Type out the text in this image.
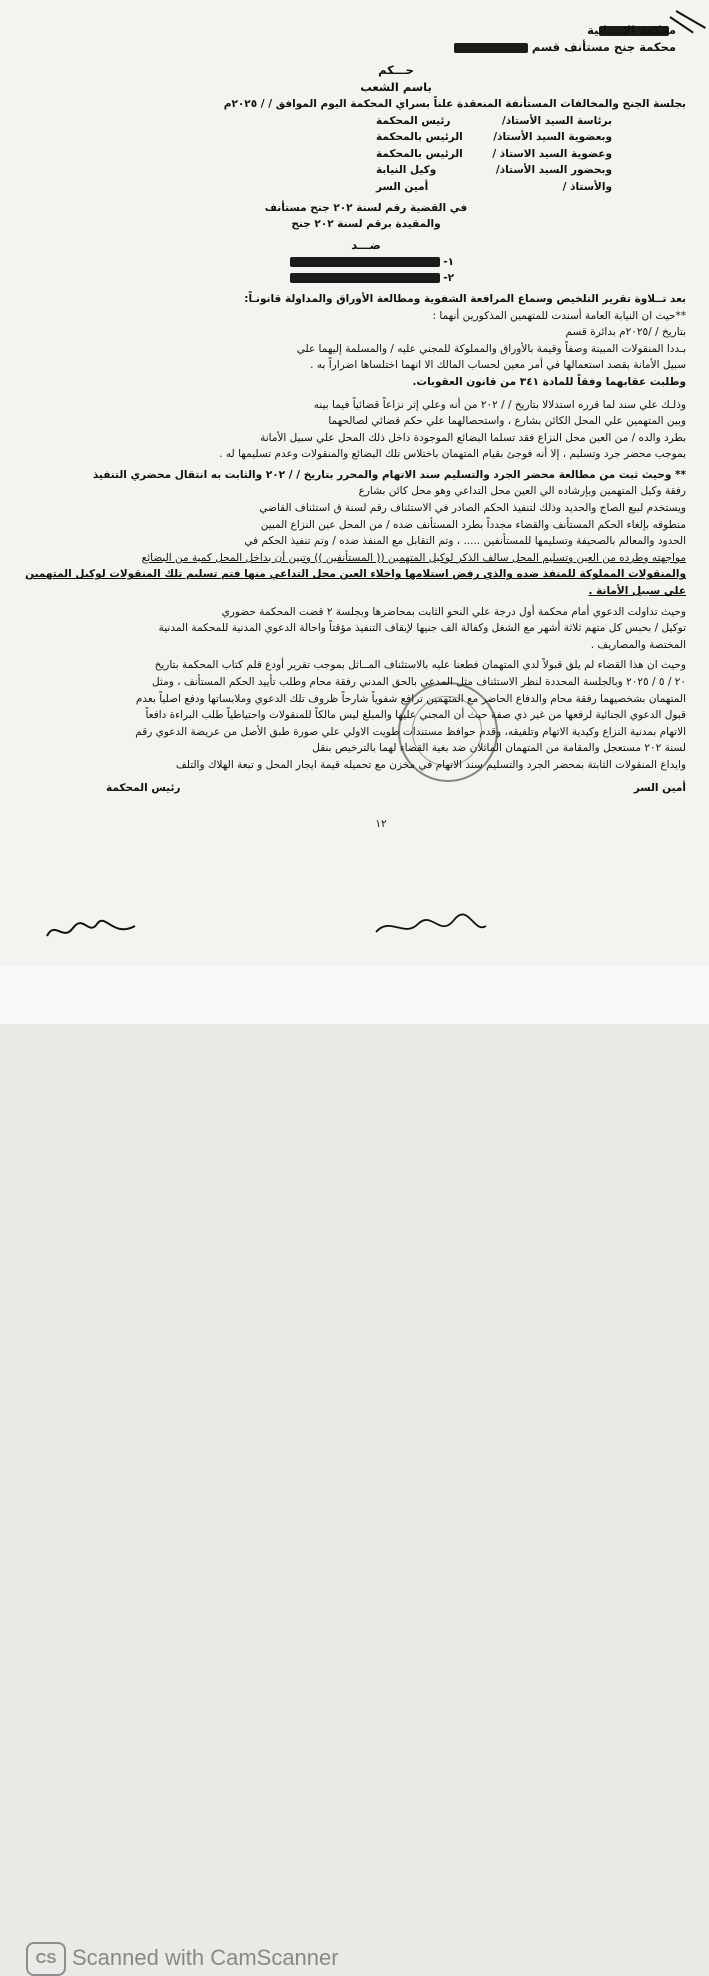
محكمة الابتدائية
محكمة جنح مستأنف قسم
حـــكم
باسم الشعب
بجلسة الجنح والمخالفات المستأنفة المنعقدة علناً بسراي المحكمة اليوم الموافق / / ٢٠٢٥م
برئاسة السيد الأستاذ/
رئيس المحكمة
وبعضوية السيد الأستاذ/
الرئيس بالمحكمة
وعضوية السيد الاستاذ /
الرئيس بالمحكمة
وبحضور السيد الأستاذ/
وكيل النيابة
والأستاذ /
أمين السر
في القضية رقم لسنة ٢٠٢ جنح مستأنف
والمقيدة برقم لسنة ٢٠٢ جنح
ضـــد
١-
٢-
بعد تــلاوة تقرير التلخيص وسماع المرافعة الشفوية ومطالعة الأوراق والمداولة قانونـاً:
**حيث ان النيابة العامة أسندت للمتهمين المذكورين أنهما :
بتاريخ / /٢٠٢٥م بدائرة قسم
بـددا المنقولات المبينة وصفاً وقيمة بالأوراق والمملوكة للمجني عليه / والمسلمة إليهما علي
سبيل الأمانة بقصد استعمالها في أمر معين لحساب المالك الا انهما اختلساها اضراراً به .
وطلبت عقابهما وفقاً للمادة ٣٤١ من قانون العقوبات.
وذلـك علي سند لما قرره استدلالا بتاريخ / / ٢٠٢ من أنه وعلي إثر نزاعاً قضائياً فيما بينه
وبين المتهمين علي المحل الكائن بشارع ، واستحصالهما علي حكم قضائي لصالحهما
بطرد والده / من العين محل النزاع فقد تسلما البضائع الموجودة داخل ذلك المحل علي سبيل الأمانة
بموجب محضر جرد وتسليم ، إلا أنه فوجئ بقيام المتهمان باختلاس تلك البضائع والمنقولات وعدم تسليمها له .
** وحيث ثبت من مطالعة محضر الجرد والتسليم سند الاتهام والمحرر بتاريخ / / ٢٠٢ والثابت به انتقال محضري التنفيذ
رفقة وكيل المتهمين وبإرشاده الي العين محل التداعي وهو محل كائن بشارع
ويستخدم لبيع الصاج والحديد وذلك لتنفيذ الحكم الصادر في الاستئناف رقم لسنة ق استئناف القاضي
منطوقه بإلغاء الحكم المستأنف والقضاء مجدداً بطرد المستأنف ضده / من المحل عين النزاع المبين
الحدود والمعالم بالصحيفة وتسليمها للمستأنفين ..... ، وتم التقابل مع المنفذ ضده / وتم تنفيذ الحكم في
مواجهته وطرده من العين وتسليم المحل سالف الذكر لوكيل المتهمين (( المستأنفين )) وتبين أن بداخل المحل كمية من البضائع
والمنقولات المملوكة للمنفذ ضده والذي رفض استلامها واخلاء العين محل التداعي منها فتم تسليم تلك المنقولات لوكيل المتهمين
علي سبيل الأمانة .
وحيث تداولت الدعوي أمام محكمة أول درجة علي النحو الثابت بمحاضرها وبجلسة ٢ قضت المحكمة حضوري
توكيل / بحبس كل متهم ثلاثة أشهر مع الشغل وكفالة الف جنيها لإيقاف التنفيذ مؤقتاً واحالة الدعوي المدنية للمحكمة المدنية
المختصة والمصاريف .
وحيث ان هذا القضاء لم يلق قبولاً لدي المتهمان فطعنا عليه بالاستئناف المــاثل بموجب تقرير أودع قلم كتاب المحكمة بتاريخ
٢٠ / ٥ / ٢٠٢٥ وبالجلسة المحددة لنظر الاستئناف مثل المدعي بالحق المدني رفقة محام وطلب تأييد الحكم المستأنف ، ومثل
المتهمان بشخصيهما رفقة محام والدفاع الحاضر مع المتهمين ترافع شفوياً شارحاً ظروف تلك الدعوي وملابساتها ودفع اصلياً بعدم
قبول الدعوي الجنائية لرفعها من غير ذي صفة حيث أن المجني عليها والمبلغ ليس مالكاً للمنقولات واحتياطياً طلب البراءة دافعاً
الاتهام بمدنية النزاع وكيدية الاتهام وتلفيقه، وقدم حوافظ مستندات طويت الاولي علي صورة طبق الأصل من عريضة الدعوي رقم
لسنة ٢٠٢ مستعجل والمقامة من المتهمان الماثلان ضد بغية القضاء لهما بالترخيص بنقل
وايداع المنقولات الثابتة بمحضر الجرد والتسليم سند الاتهام في مخزن مع تحميله قيمة ايجار المحل و تبعة الهلاك والتلف
أمين السر
رئيس المحكمة
١٢
CS Scanned with CamScanner
